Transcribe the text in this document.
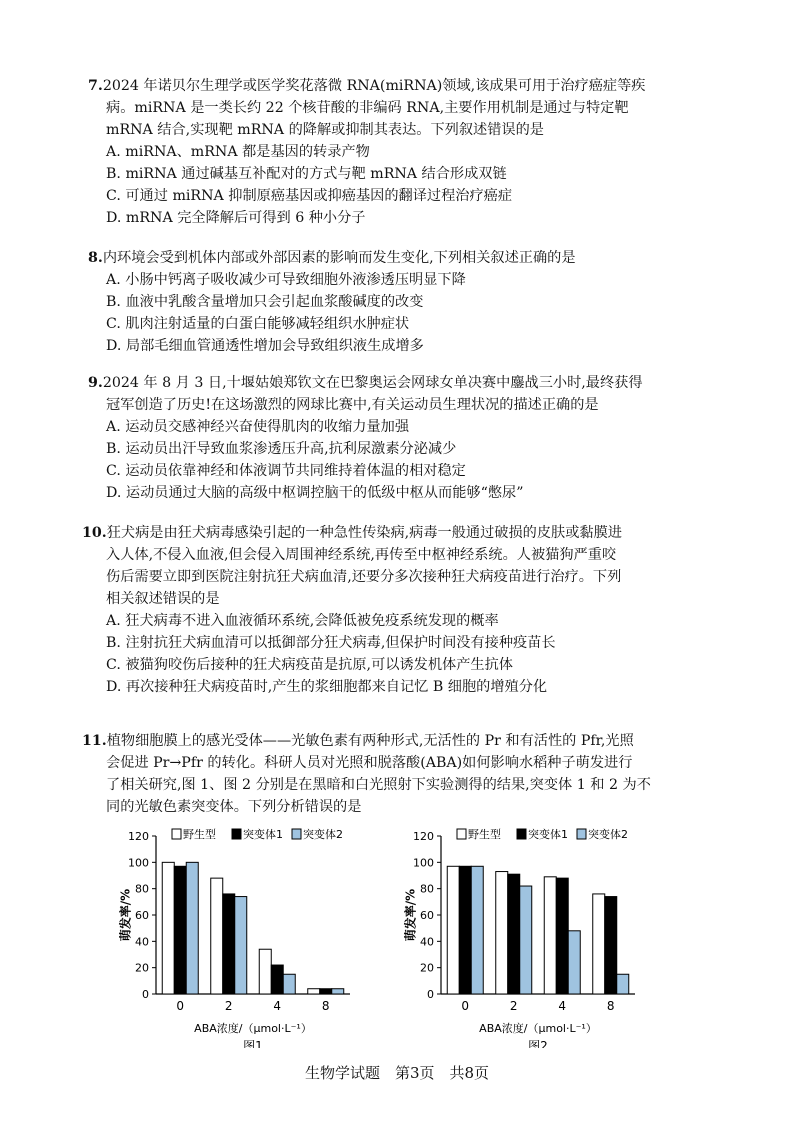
7.2024 年诺贝尔生理学或医学奖花落微 RNA(miRNA)领域,该成果可用于治疗癌症等疾
病。miRNA 是一类长约 22 个核苷酸的非编码 RNA,主要作用机制是通过与特定靶
mRNA 结合,实现靶 mRNA 的降解或抑制其表达。下列叙述错误的是
A. miRNA、mRNA 都是基因的转录产物
B. miRNA 通过碱基互补配对的方式与靶 mRNA 结合形成双链
C. 可通过 miRNA 抑制原癌基因或抑癌基因的翻译过程治疗癌症
D. mRNA 完全降解后可得到 6 种小分子
8.内环境会受到机体内部或外部因素的影响而发生变化,下列相关叙述正确的是
A. 小肠中钙离子吸收减少可导致细胞外液渗透压明显下降
B. 血液中乳酸含量增加只会引起血浆酸碱度的改变
C. 肌肉注射适量的白蛋白能够减轻组织水肿症状
D. 局部毛细血管通透性增加会导致组织液生成增多
9.2024 年 8 月 3 日,十堰姑娘郑钦文在巴黎奥运会网球女单决赛中鏖战三小时,最终获得
冠军创造了历史!在这场激烈的网球比赛中,有关运动员生理状况的描述正确的是
A. 运动员交感神经兴奋使得肌肉的收缩力量加强
B. 运动员出汗导致血浆渗透压升高,抗利尿激素分泌减少
C. 运动员依靠神经和体液调节共同维持着体温的相对稳定
D. 运动员通过大脑的高级中枢调控脑干的低级中枢从而能够“憋尿”
10.狂犬病是由狂犬病毒感染引起的一种急性传染病,病毒一般通过破损的皮肤或黏膜进
入人体,不侵入血液,但会侵入周围神经系统,再传至中枢神经系统。人被猫狗严重咬
伤后需要立即到医院注射抗狂犬病血清,还要分多次接种狂犬病疫苗进行治疗。下列
相关叙述错误的是
A. 狂犬病毒不进入血液循环系统,会降低被免疫系统发现的概率
B. 注射抗狂犬病血清可以抵御部分狂犬病毒,但保护时间没有接种疫苗长
C. 被猫狗咬伤后接种的狂犬病疫苗是抗原,可以诱发机体产生抗体
D. 再次接种狂犬病疫苗时,产生的浆细胞都来自记忆 B 细胞的增殖分化
11.植物细胞膜上的感光受体——光敏色素有两种形式,无活性的 Pr 和有活性的 Pfr,光照
会促进 Pr→Pfr 的转化。科研人员对光照和脱落酸(ABA)如何影响水稻种子萌发进行
了相关研究,图 1、图 2 分别是在黑暗和白光照射下实验测得的结果,突变体 1 和 2 为不
同的光敏色素突变体。下列分析错误的是
萌发率/%
0
20
40
60
80
100
120	野生型 突变体1 突变体2
0	2	4	8
ABA浓度/（μmol·L⁻¹）
图1
萌发率/%
0
20
40
60
80
100
120	野生型 突变体1 突变体2
0	2	4	8
ABA浓度/（μmol·L⁻¹）
图2
生物学试题　第3页　共8页
